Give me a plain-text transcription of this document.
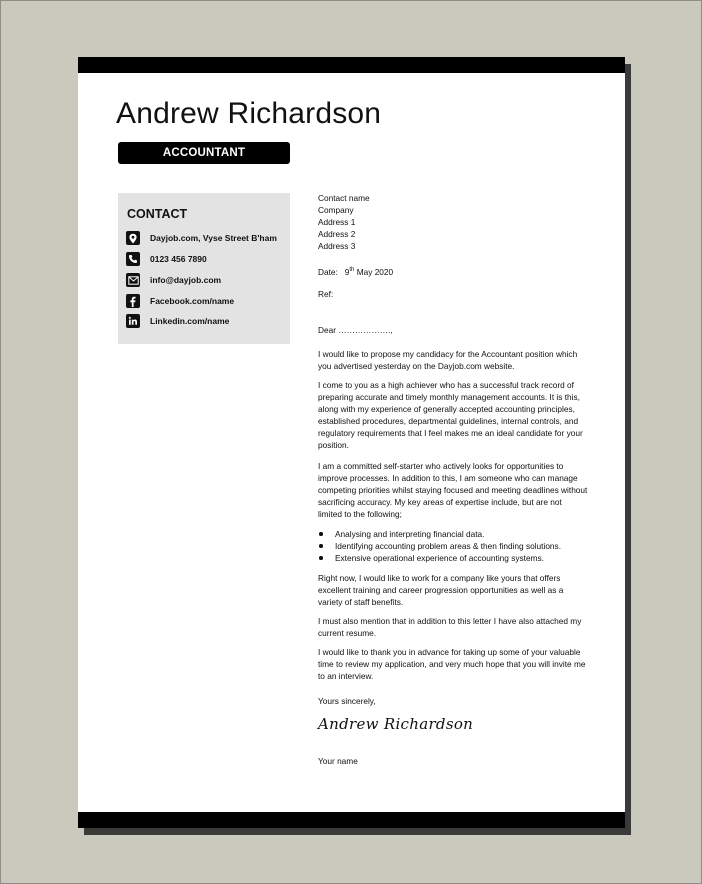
Andrew Richardson
ACCOUNTANT
CONTACT
Dayjob.com, Vyse Street B'ham
0123 456 7890
info@dayjob.com
Facebook.com/name
Linkedin.com/name

Contact name
Company
Address 1
Address 2
Address 3

Date: 9th May 2020

Ref:

Dear ……………….,

I would like to propose my candidacy for the Accountant position which you advertised yesterday on the Dayjob.com website.

I come to you as a high achiever who has a successful track record of preparing accurate and timely monthly management accounts. It is this, along with my experience of generally accepted accounting principles, established procedures, departmental guidelines, internal controls, and regulatory requirements that I feel makes me an ideal candidate for your position.

I am a committed self-starter who actively looks for opportunities to improve processes. In addition to this, I am someone who can manage competing priorities whilst staying focused and meeting deadlines without sacrificing accuracy. My key areas of expertise include, but are not limited to the following;

Analysing and interpreting financial data.
Identifying accounting problem areas & then finding solutions.
Extensive operational experience of accounting systems.

Right now, I would like to work for a company like yours that offers excellent training and career progression opportunities as well as a variety of staff benefits.

I must also mention that in addition to this letter I have also attached my current resume.

I would like to thank you in advance for taking up some of your valuable time to review my application, and very much hope that you will invite me to an interview.

Yours sincerely,

Andrew Richardson

Your name
